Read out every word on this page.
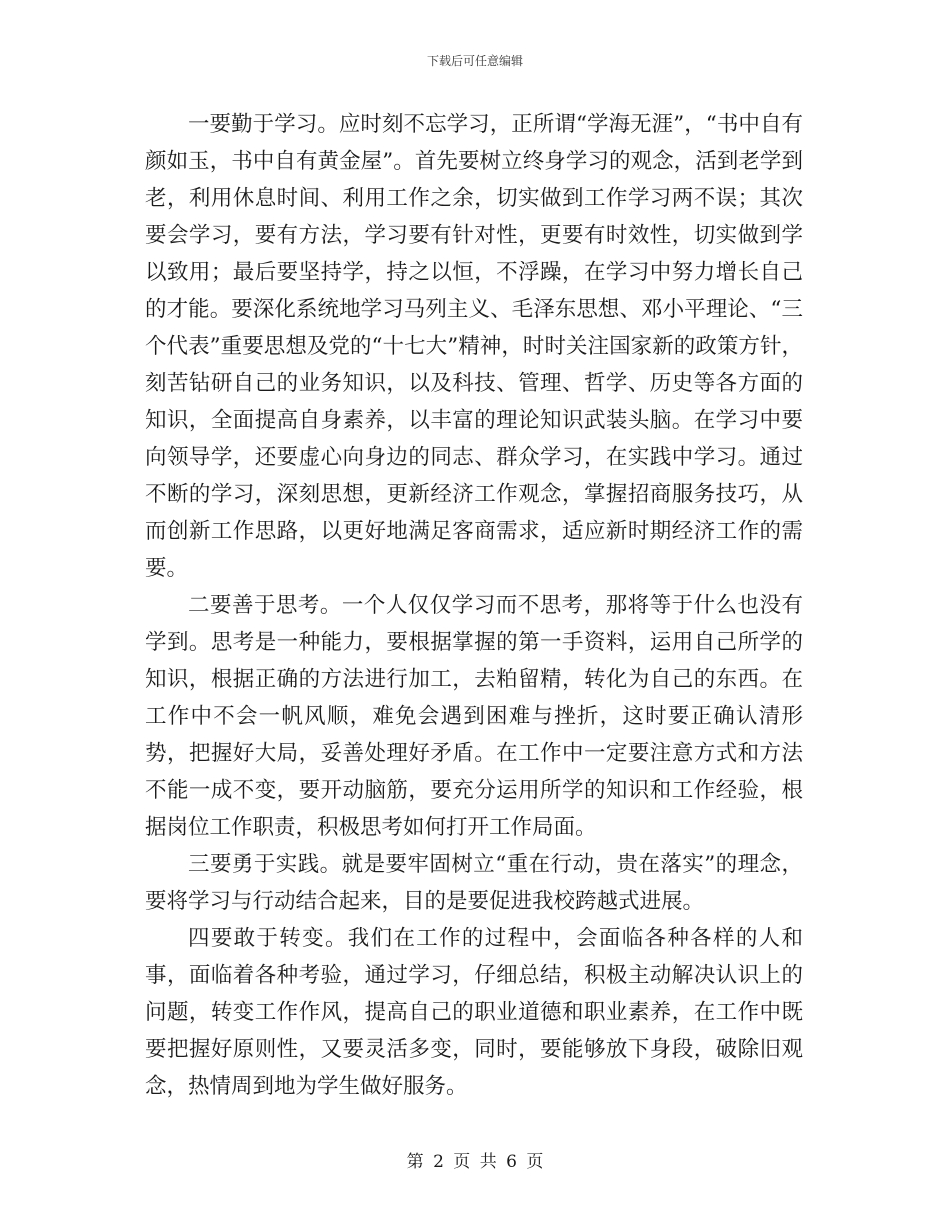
下载后可任意编辑

一要勤于学习。应时刻不忘学习，正所谓“学海无涯”，“书中自有颜如玉，书中自有黄金屋”。首先要树立终身学习的观念，活到老学到老，利用休息时间、利用工作之余，切实做到工作学习两不误；其次要会学习，要有方法，学习要有针对性，更要有时效性，切实做到学以致用；最后要坚持学，持之以恒，不浮躁，在学习中努力增长自己的才能。要深化系统地学习马列主义、毛泽东思想、邓小平理论、“三个代表”重要思想及党的“十七大”精神，时时关注国家新的政策方针，刻苦钻研自己的业务知识，以及科技、管理、哲学、历史等各方面的知识，全面提高自身素养，以丰富的理论知识武装头脑。在学习中要向领导学，还要虚心向身边的同志、群众学习，在实践中学习。通过不断的学习，深刻思想，更新经济工作观念，掌握招商服务技巧，从而创新工作思路，以更好地满足客商需求，适应新时期经济工作的需要。

二要善于思考。一个人仅仅学习而不思考，那将等于什么也没有学到。思考是一种能力，要根据掌握的第一手资料，运用自己所学的知识，根据正确的方法进行加工，去粕留精，转化为自己的东西。在工作中不会一帆风顺，难免会遇到困难与挫折，这时要正确认清形势，把握好大局，妥善处理好矛盾。在工作中一定要注意方式和方法不能一成不变，要开动脑筋，要充分运用所学的知识和工作经验，根据岗位工作职责，积极思考如何打开工作局面。

三要勇于实践。就是要牢固树立“重在行动，贵在落实”的理念，要将学习与行动结合起来，目的是要促进我校跨越式进展。

四要敢于转变。我们在工作的过程中，会面临各种各样的人和事，面临着各种考验，通过学习，仔细总结，积极主动解决认识上的问题，转变工作作风，提高自己的职业道德和职业素养，在工作中既要把握好原则性，又要灵活多变，同时，要能够放下身段，破除旧观念，热情周到地为学生做好服务。

第 2 页 共 6 页
